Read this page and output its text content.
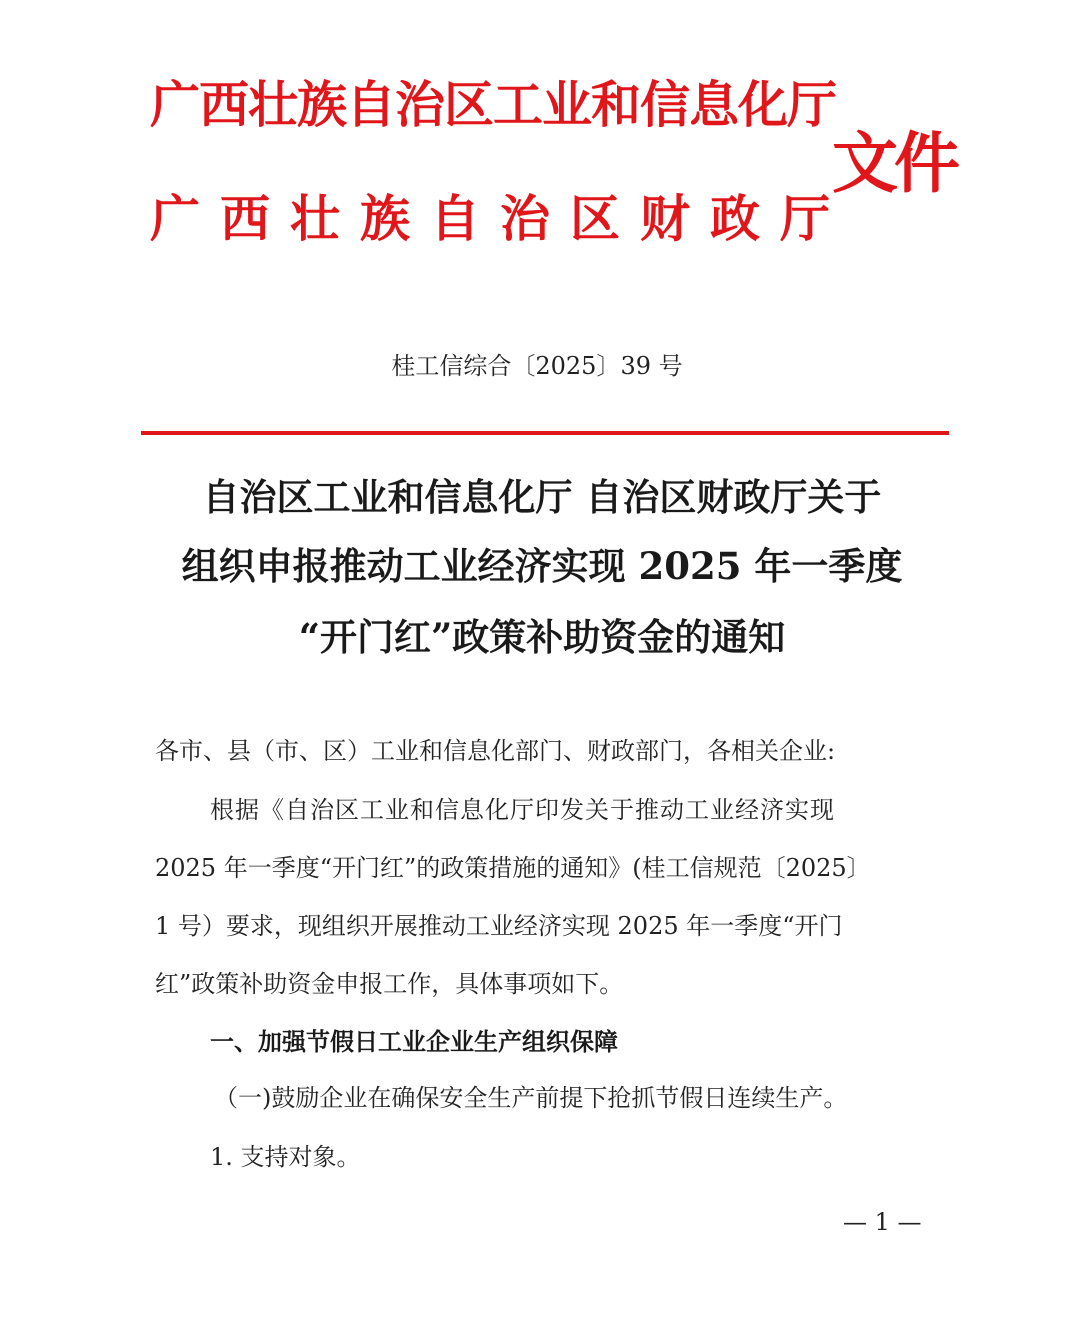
广西壮族自治区工业和信息化厅
广西壮族自治区财政厅
文件
桂工信综合〔2025〕39 号
自治区工业和信息化厅 自治区财政厅关于
组织申报推动工业经济实现 2025 年一季度
“开门红”政策补助资金的通知
各市、县（市、区）工业和信息化部门、财政部门，各相关企业:
根据《自治区工业和信息化厅印发关于推动工业经济实现
2025 年一季度“开门红”的政策措施的通知》(桂工信规范〔2025〕
1 号）要求，现组织开展推动工业经济实现 2025 年一季度“开门
红”政策补助资金申报工作，具体事项如下。
一、加强节假日工业企业生产组织保障
（一)鼓励企业在确保安全生产前提下抢抓节假日连续生产。
1. 支持对象。
— 1 —
